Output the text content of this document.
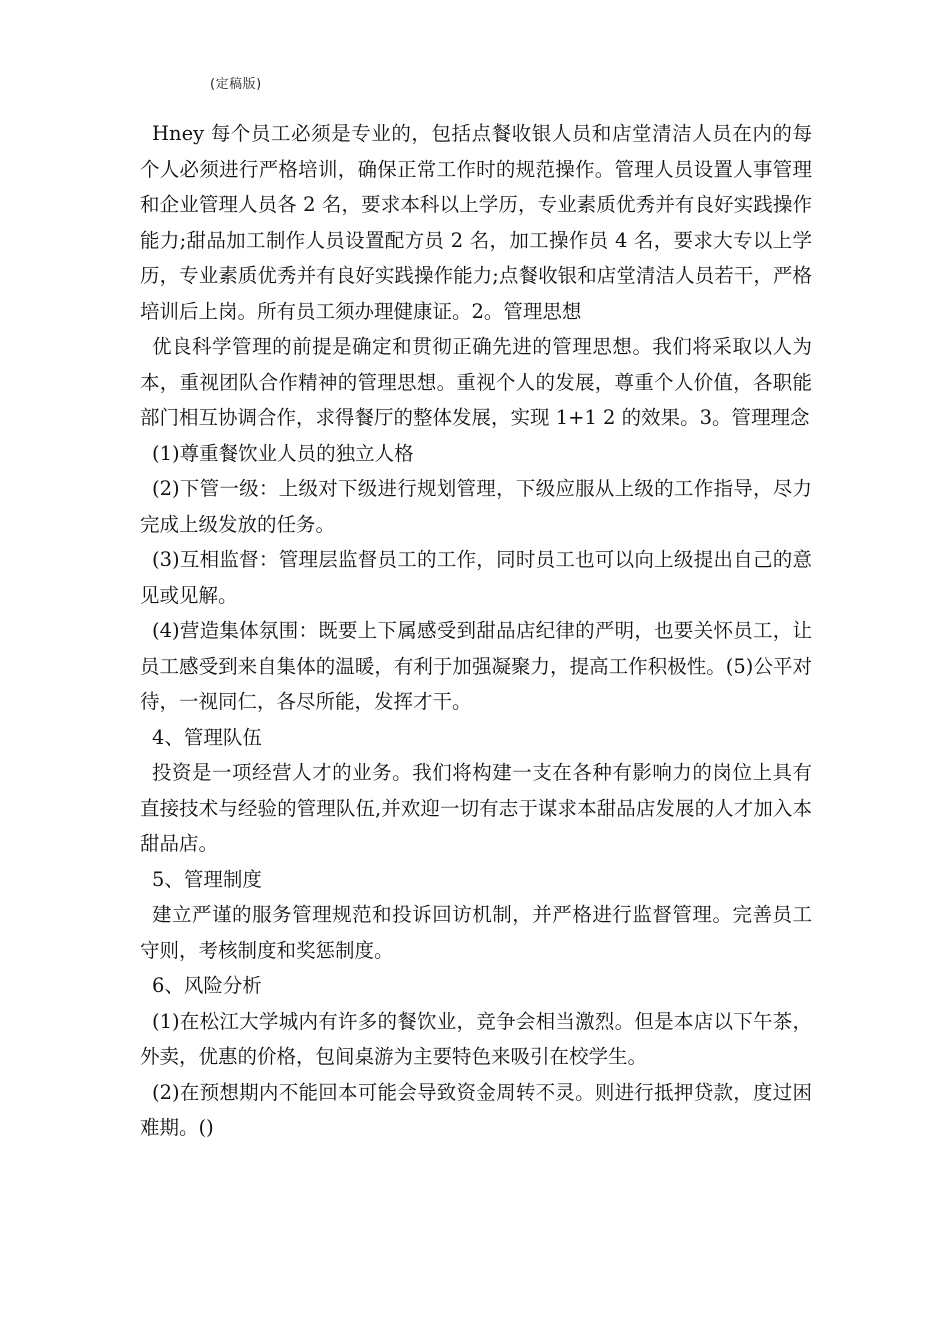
(定稿版)

Hney 每个员工必须是专业的，包括点餐收银人员和店堂清洁人员在内的每个人必须进行严格培训，确保正常工作时的规范操作。管理人员设置人事管理和企业管理人员各 2 名，要求本科以上学历，专业素质优秀并有良好实践操作能力;甜品加工制作人员设置配方员 2 名，加工操作员 4 名，要求大专以上学历，专业素质优秀并有良好实践操作能力;点餐收银和店堂清洁人员若干，严格培训后上岗。所有员工须办理健康证。2。管理思想

优良科学管理的前提是确定和贯彻正确先进的管理思想。我们将采取以人为本，重视团队合作精神的管理思想。重视个人的发展，尊重个人价值，各职能部门相互协调合作，求得餐厅的整体发展，实现 1+1 2 的效果。3。管理理念

(1)尊重餐饮业人员的独立人格

(2)下管一级：上级对下级进行规划管理，下级应服从上级的工作指导，尽力完成上级发放的任务。

(3)互相监督：管理层监督员工的工作，同时员工也可以向上级提出自己的意见或见解。

(4)营造集体氛围：既要上下属感受到甜品店纪律的严明，也要关怀员工，让员工感受到来自集体的温暖，有利于加强凝聚力，提高工作积极性。(5)公平对待，一视同仁，各尽所能，发挥才干。

4、管理队伍

投资是一项经营人才的业务。我们将构建一支在各种有影响力的岗位上具有直接技术与经验的管理队伍,并欢迎一切有志于谋求本甜品店发展的人才加入本甜品店。

5、管理制度

建立严谨的服务管理规范和投诉回访机制，并严格进行监督管理。完善员工守则，考核制度和奖惩制度。

6、风险分析

(1)在松江大学城内有许多的餐饮业，竞争会相当激烈。但是本店以下午茶，外卖，优惠的价格，包间桌游为主要特色来吸引在校学生。

(2)在预想期内不能回本可能会导致资金周转不灵。则进行抵押贷款，度过困难期。()
